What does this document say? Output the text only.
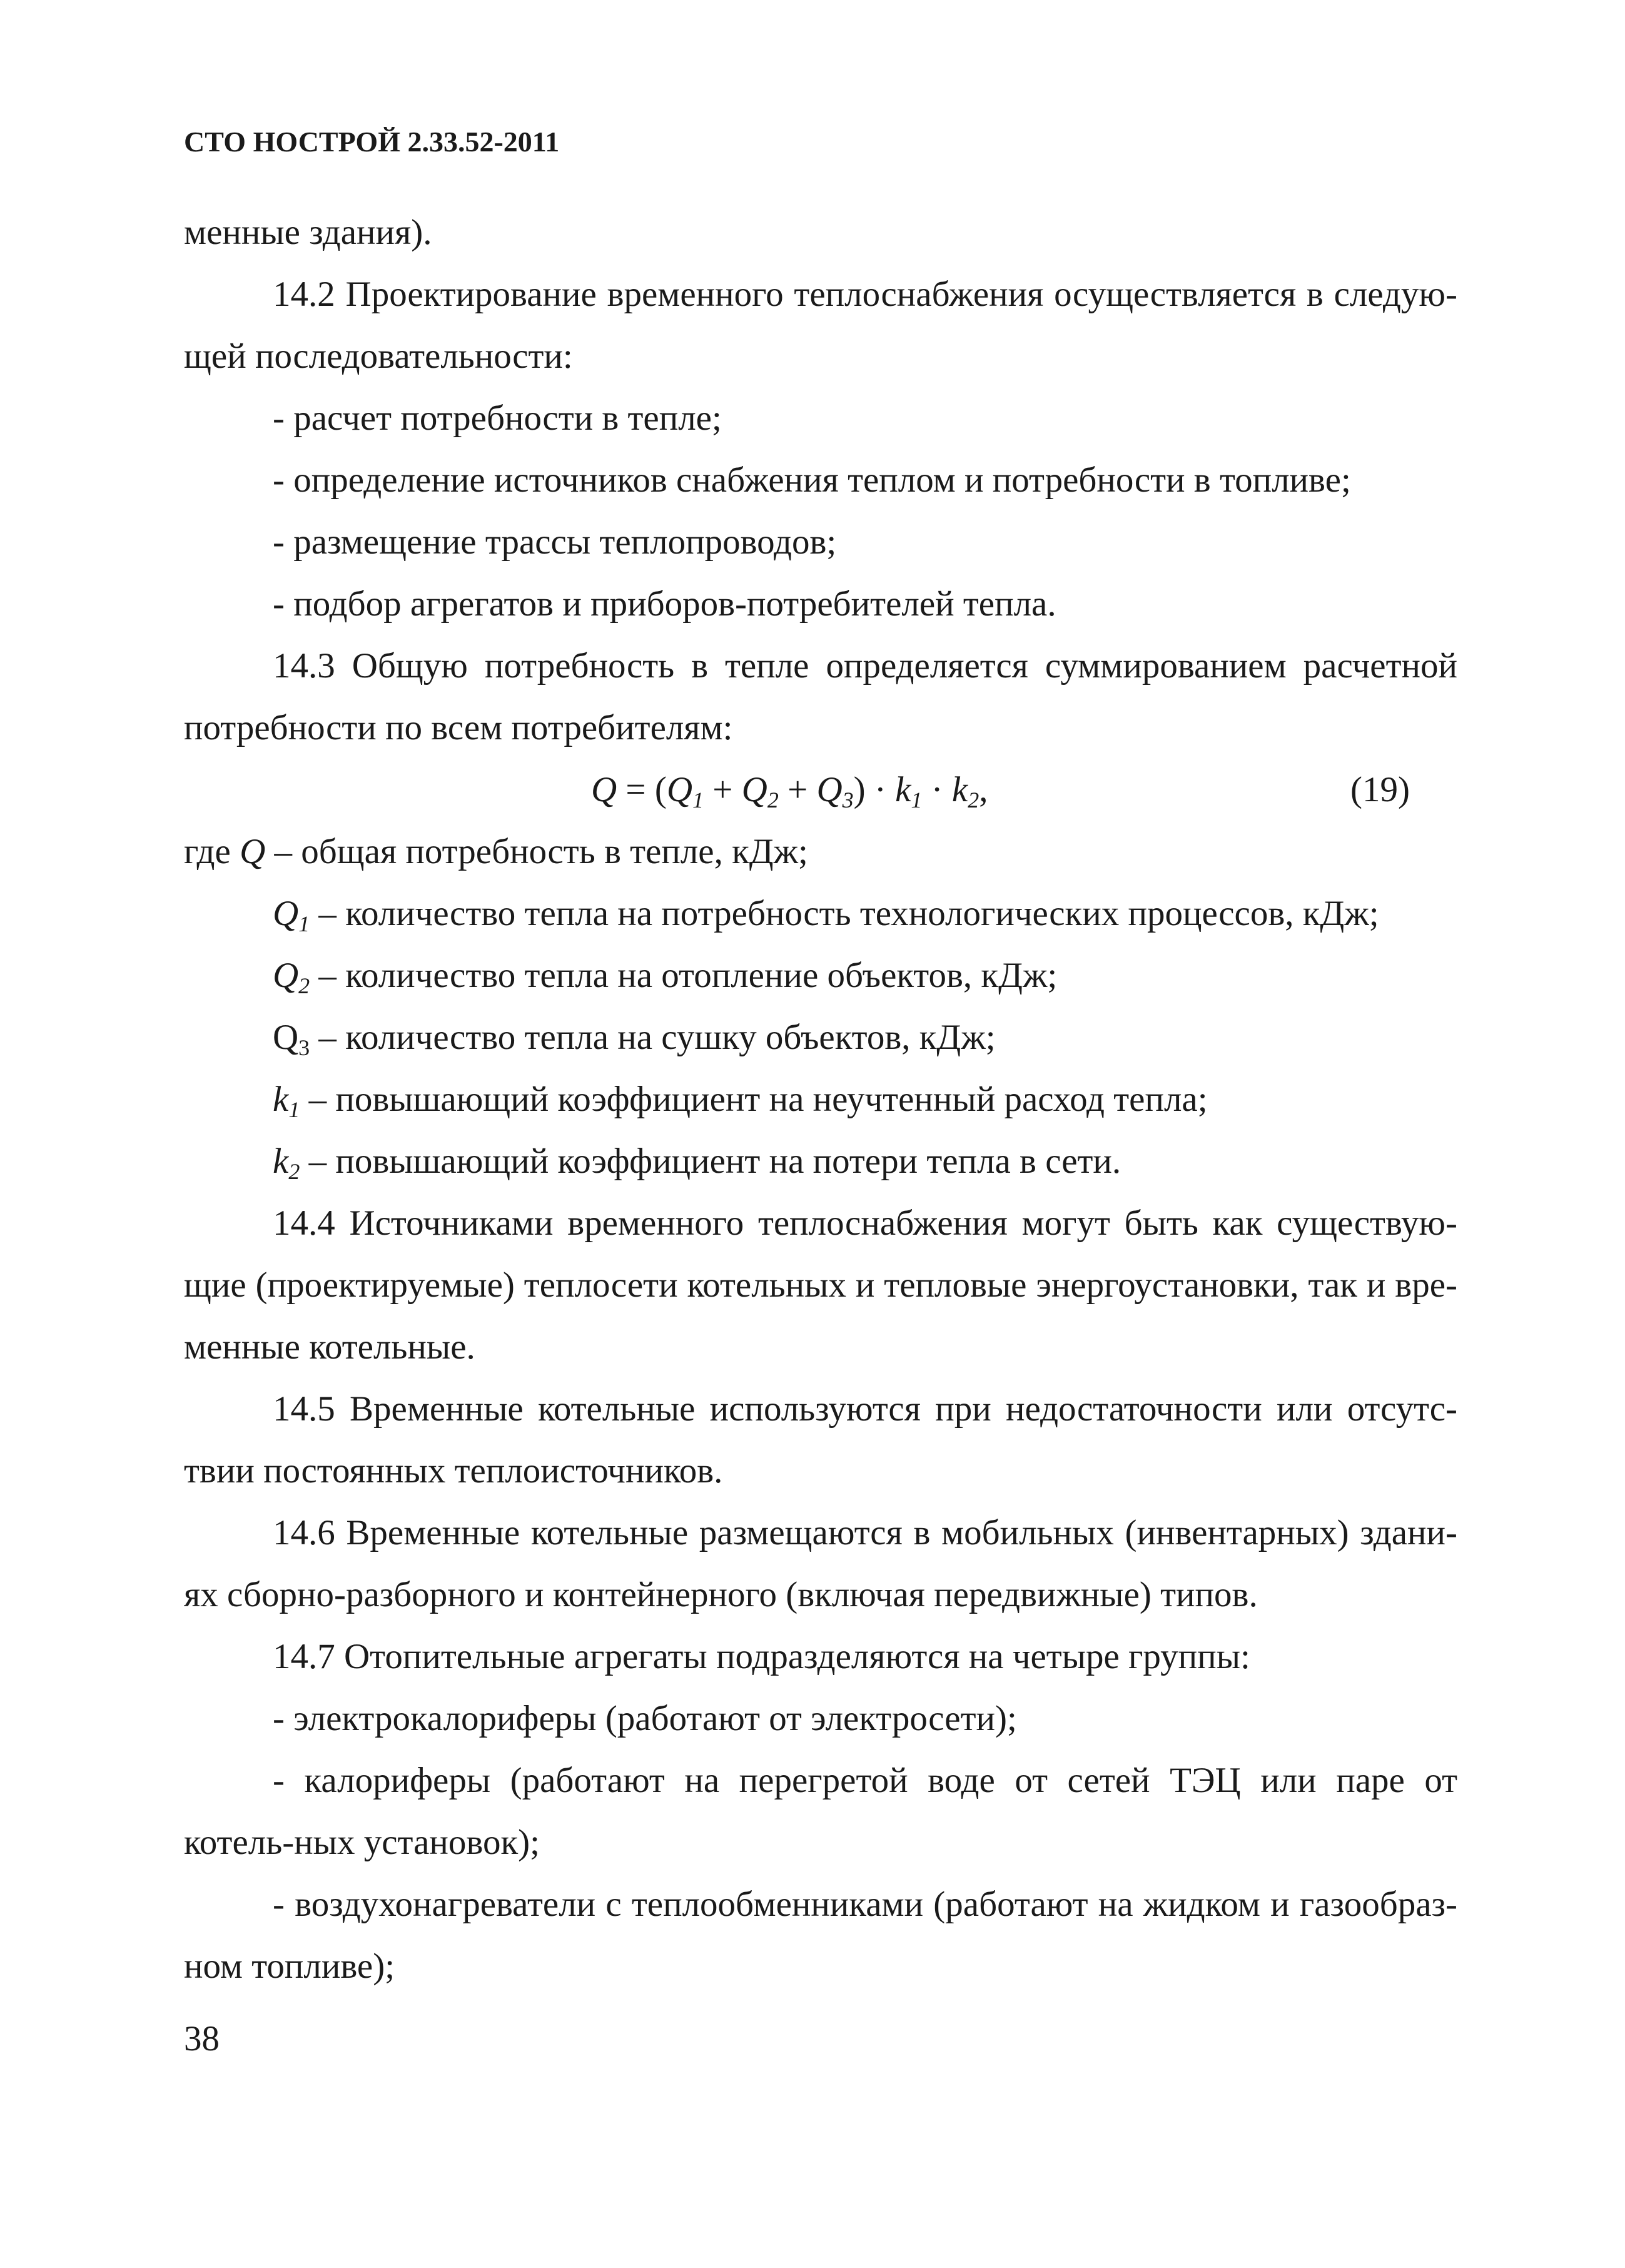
СТО НОСТРОЙ 2.33.52-2011

менные здания).

14.2 Проектирование временного теплоснабжения осуществляется в следую-щей последовательности:

- расчет потребности в тепле;

- определение источников снабжения теплом и потребности в топливе;

- размещение трассы теплопроводов;

- подбор агрегатов и приборов-потребителей тепла.

14.3 Общую потребность в тепле определяется суммированием расчетной потребности по всем потребителям:

$Q = (Q_1 + Q_2 + Q_3) \cdot k_1 \cdot k_2$,	(19)

где Q – общая потребность в тепле, кДж;

$Q_1$ – количество тепла на потребность технологических процессов, кДж;

$Q_2$ – количество тепла на отопление объектов, кДж;

$Q_3$ – количество тепла на сушку объектов, кДж;

$k_1$ – повышающий коэффициент на неучтенный расход тепла;

$k_2$ – повышающий коэффициент на потери тепла в сети.

14.4 Источниками временного теплоснабжения могут быть как существую-щие (проектируемые) теплосети котельных и тепловые энергоустановки, так и вре-менные котельные.

14.5 Временные котельные используются при недостаточности или отсутс-твии постоянных теплоисточников.

14.6 Временные котельные размещаются в мобильных (инвентарных) здани-ях сборно-разборного и контейнерного (включая передвижные) типов.

14.7 Отопительные агрегаты подразделяются на четыре группы:

- электрокалориферы (работают от электросети);

- калориферы (работают на перегретой воде от сетей ТЭЦ или паре от котель-ных установок);

- воздухонагреватели с теплообменниками (работают на жидком и газообраз-ном топливе);

38
